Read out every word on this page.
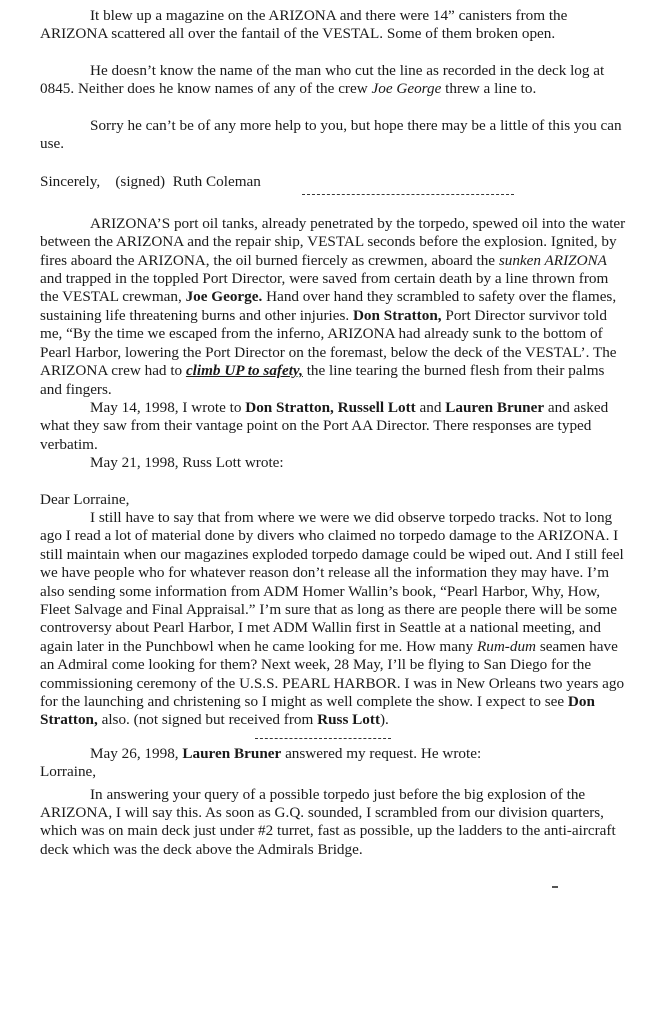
It blew up a magazine on the ARIZONA and there were 14” canisters from the ARIZONA scattered all over the fantail of the VESTAL. Some of them broken open.

He doesn’t know the name of the man who cut the line as recorded in the deck log at 0845. Neither does he know names of any of the crew Joe George threw a line to.

Sorry he can’t be of any more help to you, but hope there may be a little of this you can use.

Sincerely,    (signed)  Ruth Coleman

ARIZONA’S port oil tanks, already penetrated by the torpedo, spewed oil into the water between the ARIZONA and the repair ship, VESTAL seconds before the explosion. Ignited, by fires aboard the ARIZONA, the oil burned fiercely as crewmen, aboard the sunken ARIZONA and trapped in the toppled Port Director, were saved from certain death by a line thrown from the VESTAL crewman, Joe George. Hand over hand they scrambled to safety over the flames, sustaining life threatening burns and other injuries. Don Stratton, Port Director survivor told me, “By the time we escaped from the inferno, ARIZONA had already sunk to the bottom of Pearl Harbor, lowering the Port Director on the foremast, below the deck of the VESTAL’. The ARIZONA crew had to climb UP to safety, the line tearing the burned flesh from their palms and fingers.

May 14, 1998, I wrote to Don Stratton, Russell Lott and Lauren Bruner and asked what they saw from their vantage point on the Port AA Director. There responses are typed verbatim.

May 21, 1998, Russ Lott wrote:

Dear Lorraine,

I still have to say that from where we were we did observe torpedo tracks. Not to long ago I read a lot of material done by divers who claimed no torpedo damage to the ARIZONA. I still maintain when our magazines exploded torpedo damage could be wiped out. And I still feel we have people who for whatever reason don’t release all the information they may have. I’m also sending some information from ADM Homer Wallin’s book, “Pearl Harbor, Why, How, Fleet Salvage and Final Appraisal.” I’m sure that as long as there are people there will be some controversy about Pearl Harbor, I met ADM Wallin first in Seattle at a national meeting, and again later in the Punchbowl when he came looking for me. How many Rum-dum seamen have an Admiral come looking for them? Next week, 28 May, I’ll be flying to San Diego for the commissioning ceremony of the U.S.S. PEARL HARBOR. I was in New Orleans two years ago for the launching and christening so I might as well complete the show. I expect to see Don Stratton, also. (not signed but received from Russ Lott).

May 26, 1998, Lauren Bruner answered my request. He wrote:

Lorraine,

In answering your query of a possible torpedo just before the big explosion of the ARIZONA, I will say this. As soon as G.Q. sounded, I scrambled from our division quarters, which was on main deck just under #2 turret, fast as possible, up the ladders to the anti-aircraft deck which was the deck above the Admirals Bridge.
